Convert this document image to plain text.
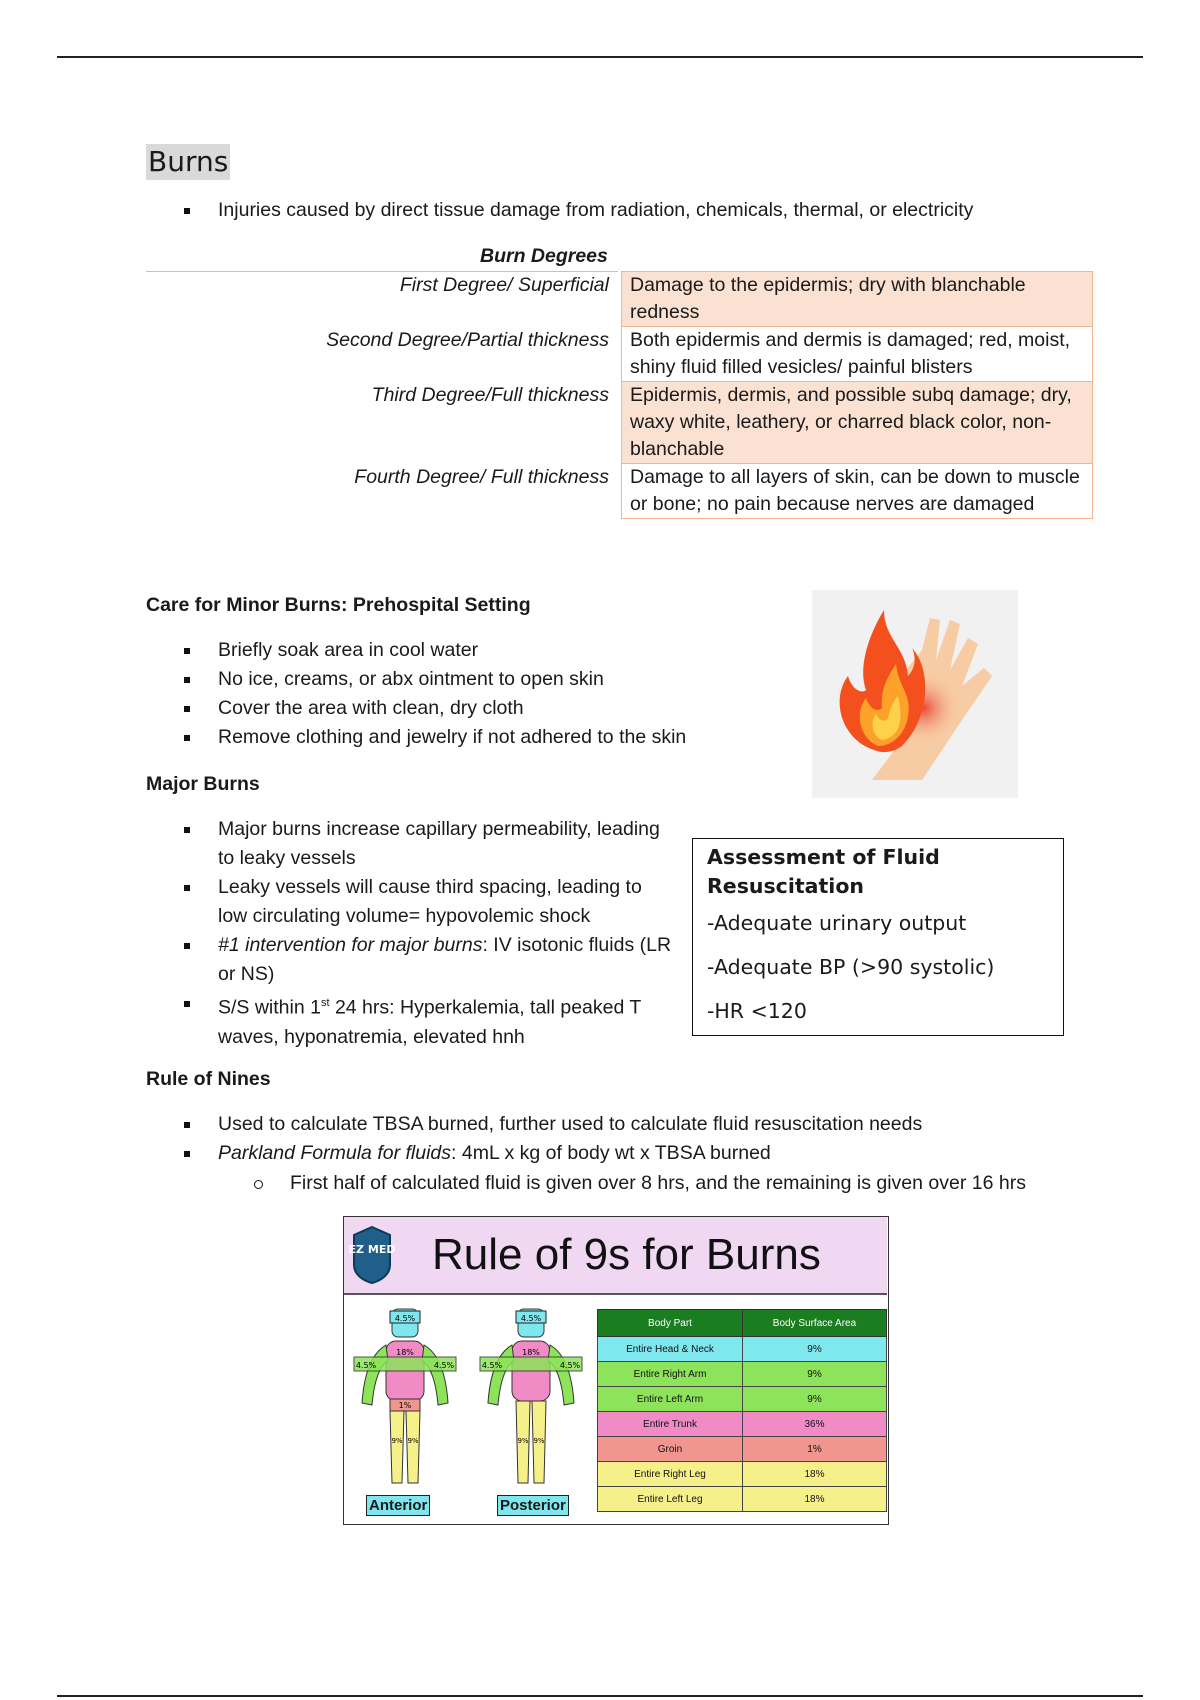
Burns
Injuries caused by direct tissue damage from radiation, chemicals, thermal, or electricity
Burn Degrees
First Degree/ Superficial	Damage to the epidermis; dry with blanchable redness
Second Degree/Partial thickness	Both epidermis and dermis is damaged; red, moist, shiny fluid filled vesicles/ painful blisters
Third Degree/Full thickness	Epidermis, dermis, and possible subq damage; dry, waxy white, leathery, or charred black color, non-blanchable
Fourth Degree/ Full thickness	Damage to all layers of skin, can be down to muscle or bone; no pain because nerves are damaged
Care for Minor Burns: Prehospital Setting
Briefly soak area in cool water
No ice, creams, or abx ointment to open skin
Cover the area with clean, dry cloth
Remove clothing and jewelry if not adhered to the skin
Major Burns
Major burns increase capillary permeability, leading to leaky vessels
Leaky vessels will cause third spacing, leading to low circulating volume= hypovolemic shock
#1 intervention for major burns: IV isotonic fluids (LR or NS)
S/S within 1st 24 hrs: Hyperkalemia, tall peaked T waves, hyponatremia, elevated hnh
Assessment of Fluid Resuscitation
-Adequate urinary output
-Adequate BP (>90 systolic)
-HR <120
Rule of Nines
Used to calculate TBSA burned, further used to calculate fluid resuscitation needs
Parkland Formula for fluids: 4mL x kg of body wt x TBSA burned
First half of calculated fluid is given over 8 hrs, and the remaining is given over 16 hrs
EZ MED Rule of 9s for Burns
4.5%
4.5%	4.5%
18%
1%
9% 9%
Anterior
4.5%
4.5%	4.5%
18%
9% 9%
Posterior
Body Part	Body Surface Area
Entire Head & Neck	9%
Entire Right Arm	9%
Entire Left Arm	9%
Entire Trunk	36%
Groin	1%
Entire Right Leg	18%
Entire Left Leg	18%
